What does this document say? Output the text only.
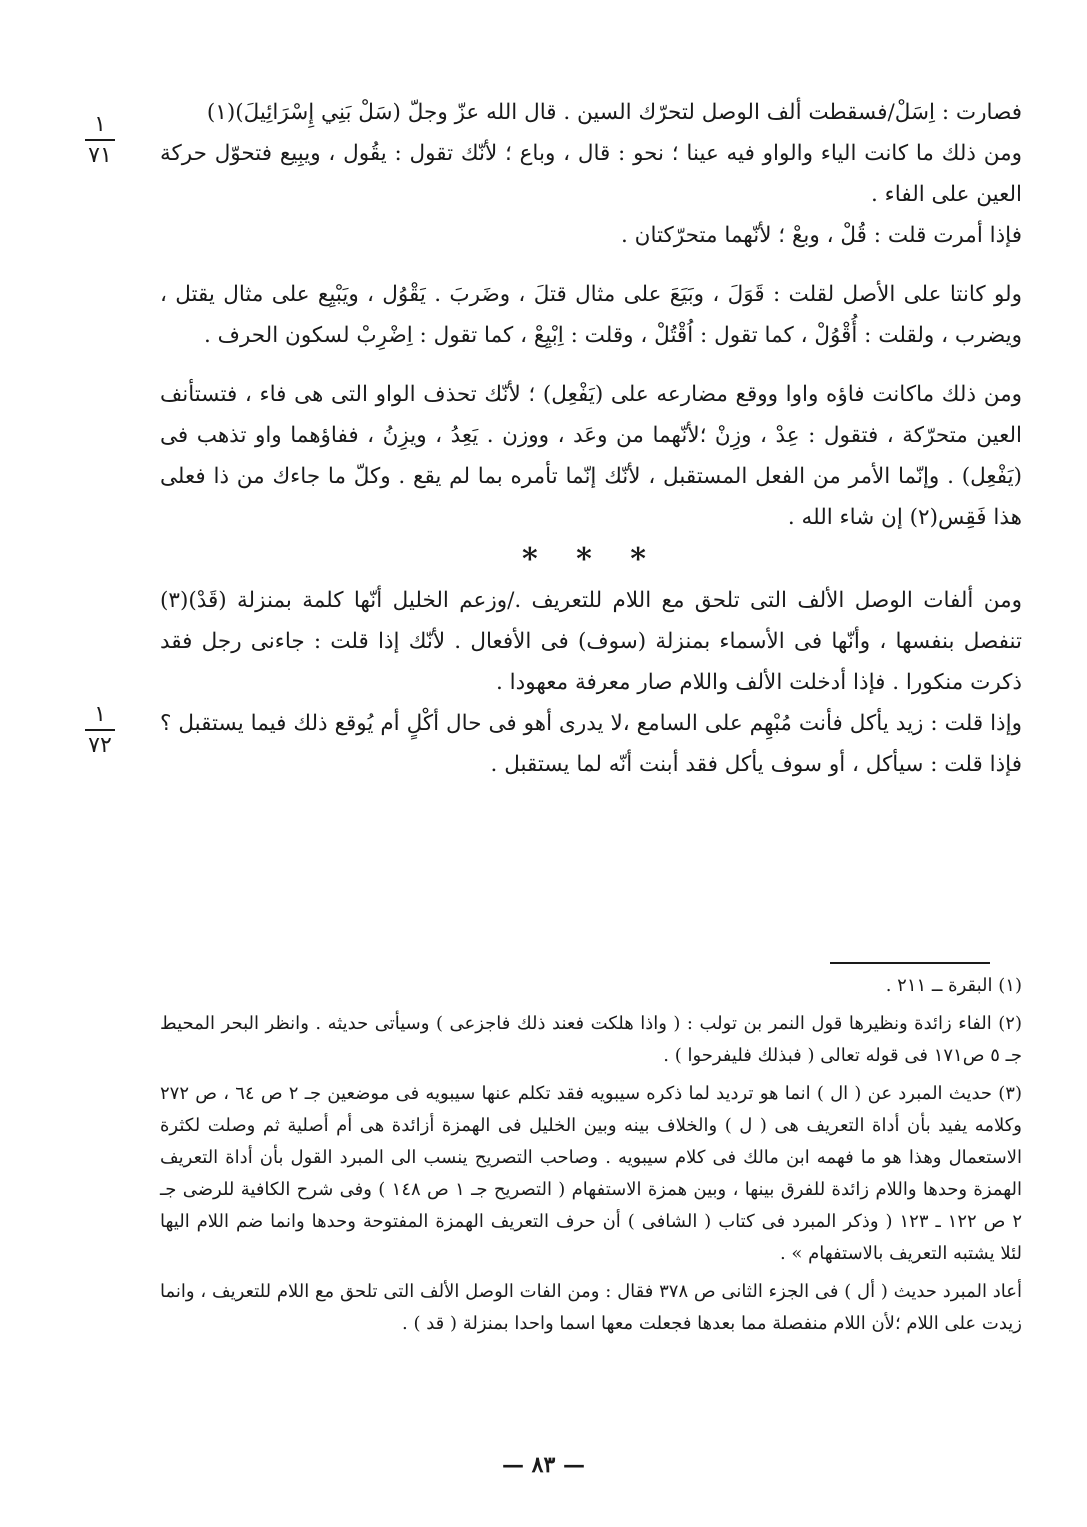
١
٧١
١
٧٢

فصارت : اِسَلْ/فسقطت ألف الوصل لتحرّك السين . قال الله عزّ وجلّ (سَلْ بَنِي إِسْرَائِيلَ)(١)

ومن ذلك ما كانت الياء والواو فيه عينا ؛ نحو : قال ، وباع ؛ لأنّك تقول : يقُول ، ويبِيع فتحوّل حركة العين على الفاء .

فإذا أمرت قلت : قُلْ ، وبعْ ؛ لأنّهما متحرّكتان .

ولو كانتا على الأصل لقلت : قَوَلَ ، وبَيَعَ على مثال قتلَ ، وضَربَ . يَقْوُل ، ويَبْيِع على مثال يقتل ، ويضرب ، ولقلت : أُقْوُلْ ، كما تقول : اُقْتُلْ ، وقلت : اِبْيِعْ ، كما تقول : اِضْرِبْ لسكون الحرف .

ومن ذلك ماكانت فاؤه واوا ووقع مضارعه على (يَفْعِل) ؛ لأنّك تحذف الواو التى هى فاء ، فتستأنف العين متحرّكة ، فتقول : عِدْ ، وزِنْ ؛لأنّهما من وعَد ، ووزن . يَعِدُ ، ويزِنُ ، ففاؤهما واو تذهب فى (يَفْعِل) . وإنّما الأمر من الفعل المستقبل ، لأنّك إنّما تأمره بما لم يقع . وكلّ ما جاءك من ذا فعلى هذا فَقِس(٢) إن شاء الله .

* * *

ومن ألفات الوصل الألف التى تلحق مع اللام للتعريف ./وزعم الخليل أنّها كلمة بمنزلة (قَدْ)(٣) تنفصل بنفسها ، وأنّها فى الأسماء بمنزلة (سوف) فى الأفعال . لأنّك إذا قلت : جاءنى رجل فقد ذكرت منكورا . فإذا أدخلت الألف واللام صار معرفة معهودا .

وإذا قلت : زيد يأكل فأنت مُبْهِم على السامع ،لا يدرى أهو فى حال أكْلٍ أم يُوقع ذلك فيما يستقبل ؟ فإذا قلت : سيأكل ، أو سوف يأكل فقد أبنت أنّه لما يستقبل .

(١) البقرة ــ ٢١١ .

(٢) الفاء زائدة ونظيرها قول النمر بن تولب : ( واذا هلكت فعند ذلك فاجزعى ) وسيأتى حديثه . وانظر البحر المحيط جـ ٥ ص١٧١ فى قوله تعالى ( فبذلك فليفرحوا ) .

(٣) حديث المبرد عن ( ال ) انما هو ترديد لما ذكره سيبويه فقد تكلم عنها سيبويه فى موضعين جـ ٢ ص ٦٤ ، ص ٢٧٢ وكلامه يفيد بأن أداة التعريف هى ( ل ) والخلاف بينه وبين الخليل فى الهمزة أزائدة هى أم أصلية ثم وصلت لكثرة الاستعمال وهذا هو ما فهمه ابن مالك فى كلام سيبويه . وصاحب التصريح ينسب الى المبرد القول بأن أداة التعريف الهمزة وحدها واللام زائدة للفرق بينها ، وبين همزة الاستفهام ( التصريح جـ ١ ص ١٤٨ ) وفى شرح الكافية للرضى جـ ٢ ص ١٢٢ ـ ١٢٣ ( وذكر المبرد فى كتاب ( الشافى ) أن حرف التعريف الهمزة المفتوحة وحدها وانما ضم اللام اليها لئلا يشتبه التعريف بالاستفهام » .

أعاد المبرد حديث ( أل ) فى الجزء الثانى ص ٣٧٨ فقال : ومن الفات الوصل الألف التى تلحق مع اللام للتعريف ، وانما زيدت على اللام ؛لأن اللام منفصلة مما بعدها فجعلت معها اسما واحدا بمنزلة ( قد ) .

— ٨٣ —
